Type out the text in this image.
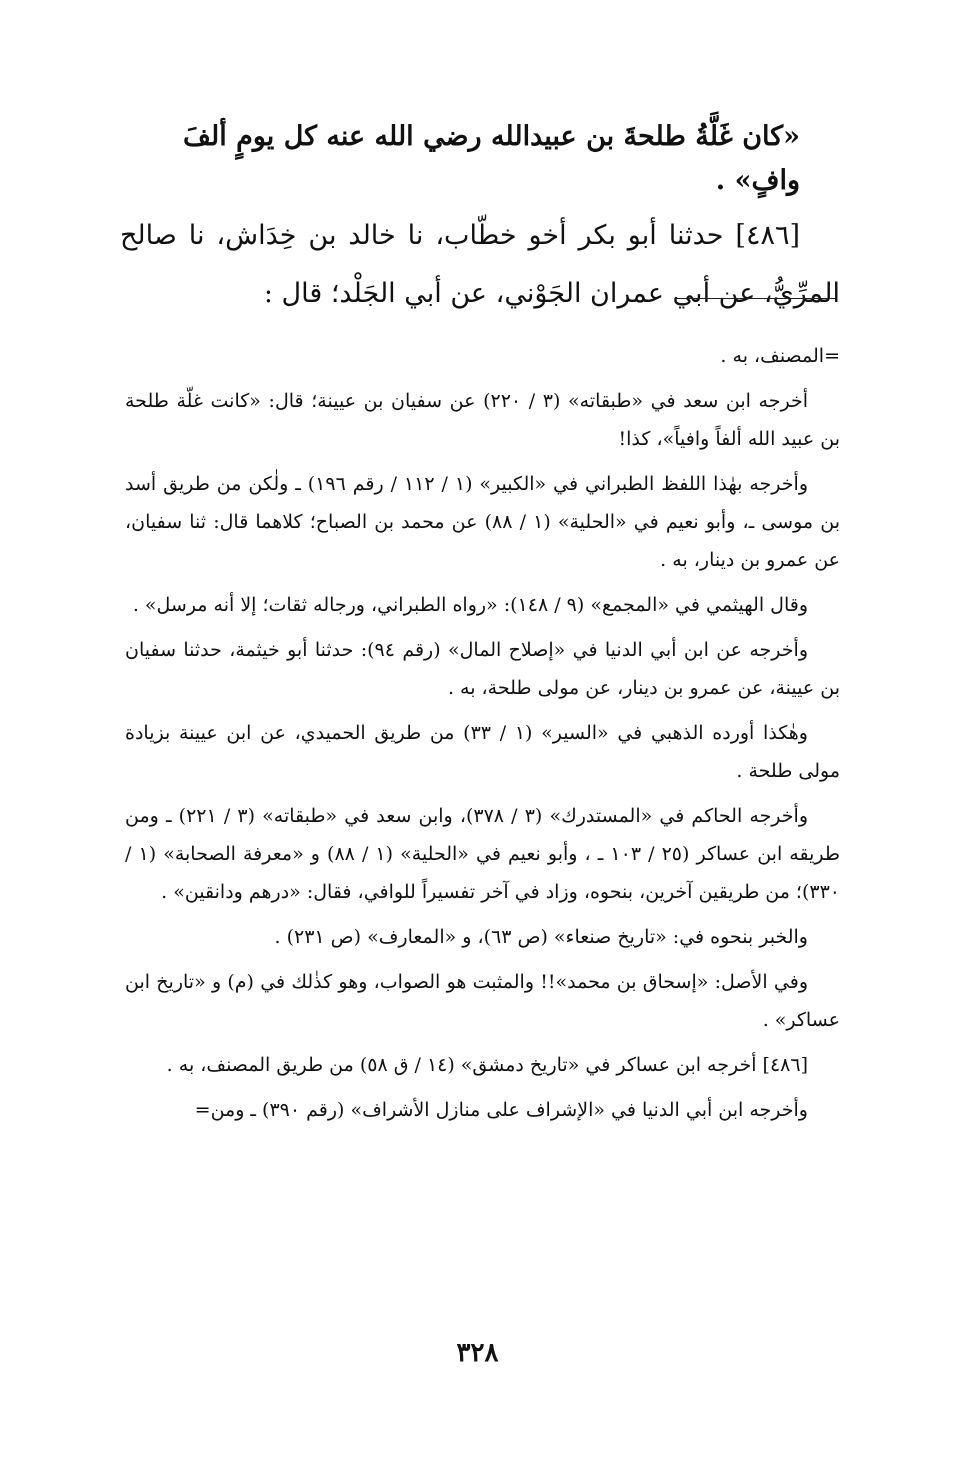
«كان غَلَّةُ طلحةَ بن عبيدالله رضي الله عنه كل يومٍ ألفَ وافٍ» .

[٤٨٦] حدثنا أبو بكر أخو خطّاب، نا خالد بن خِدَاش، نا صالح المرِّيُّ، عن أبي عمران الجَوْني، عن أبي الجَلْد؛ قال :

=المصنف، به .

أخرجه ابن سعد في «طبقاته» (٣ / ٢٢٠) عن سفيان بن عيينة؛ قال: «كانت غلّة طلحة بن عبيد الله ألفاً وافياً»، كذا!

وأخرجه بهٰذا اللفظ الطبراني في «الكبير» (١ / ١١٢ / رقم ١٩٦) ـ ولٰكن من طريق أسد بن موسى ـ، وأبو نعيم في «الحلية» (١ / ٨٨) عن محمد بن الصباح؛ كلاهما قال: ثنا سفيان، عن عمرو بن دينار، به .

وقال الهيثمي في «المجمع» (٩ / ١٤٨): «رواه الطبراني، ورجاله ثقات؛ إلا أنه مرسل» .

وأخرجه عن ابن أبي الدنيا في «إصلاح المال» (رقم ٩٤): حدثنا أبو خيثمة، حدثنا سفيان بن عيينة، عن عمرو بن دينار، عن مولى طلحة، به .

وهٰكذا أورده الذهبي في «السير» (١ / ٣٣) من طريق الحميدي، عن ابن عيينة بزيادة مولى طلحة .

وأخرجه الحاكم في «المستدرك» (٣ / ٣٧٨)، وابن سعد في «طبقاته» (٣ / ٢٢١) ـ ومن طريقه ابن عساكر (٢٥ / ١٠٣ ـ ، وأبو نعيم في «الحلية» (١ / ٨٨) و «معرفة الصحابة» (١ / ٣٣٠)؛ من طريقين آخرين، بنحوه، وزاد في آخر تفسيراً للوافي، فقال: «درهم ودانقين» .

والخبر بنحوه في: «تاريخ صنعاء» (ص ٦٣)، و «المعارف» (ص ٢٣١) .

وفي الأصل: «إسحاق بن محمد»!! والمثبت هو الصواب، وهو كذٰلك في (م) و «تاريخ ابن عساكر» .

[٤٨٦] أخرجه ابن عساكر في «تاريخ دمشق» (١٤ / ق ٥٨) من طريق المصنف، به .

وأخرجه ابن أبي الدنيا في «الإشراف على منازل الأشراف» (رقم ٣٩٠) ـ ومن=

٣٢٨
